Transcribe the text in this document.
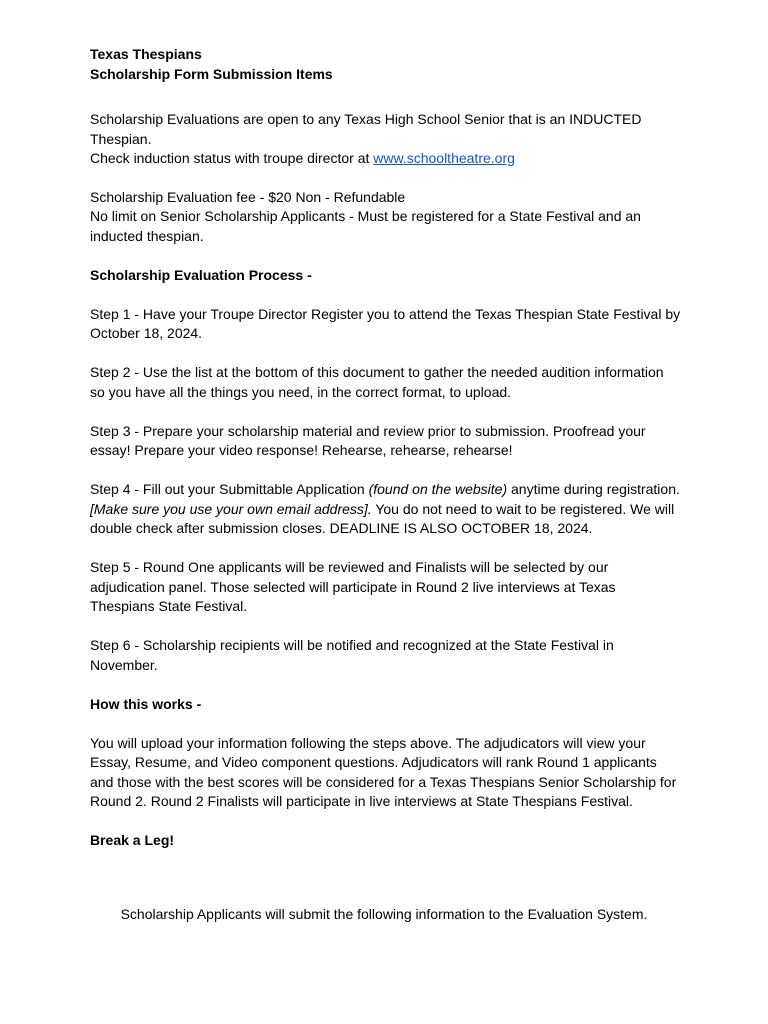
Texas Thespians

Scholarship Form Submission Items

Scholarship Evaluations are open to any Texas High School Senior that is an INDUCTED Thespian.
Check induction status with troupe director at www.schooltheatre.org

Scholarship Evaluation fee - $20 Non - Refundable
No limit on Senior Scholarship Applicants - Must be registered for a State Festival and an inducted thespian.

Scholarship Evaluation Process -

Step 1 - Have your Troupe Director Register you to attend the Texas Thespian State Festival by October 18, 2024.

Step 2 - Use the list at the bottom of this document to gather the needed audition information so you have all the things you need, in the correct format, to upload.

Step 3 - Prepare your scholarship material and review prior to submission. Proofread your essay! Prepare your video response! Rehearse, rehearse, rehearse!

Step 4 - Fill out your Submittable Application (found on the website) anytime during registration. [Make sure you use your own email address]. You do not need to wait to be registered. We will double check after submission closes. DEADLINE IS ALSO OCTOBER 18, 2024.

Step 5 - Round One applicants will be reviewed and Finalists will be selected by our adjudication panel. Those selected will participate in Round 2 live interviews at Texas Thespians State Festival.

Step 6 - Scholarship recipients will be notified and recognized at the State Festival in November.

How this works -

You will upload your information following the steps above. The adjudicators will view your Essay, Resume, and Video component questions. Adjudicators will rank Round 1 applicants and those with the best scores will be considered for a Texas Thespians Senior Scholarship for Round 2. Round 2 Finalists will participate in live interviews at State Thespians Festival.

Break a Leg!

Scholarship Applicants will submit the following information to the Evaluation System.
